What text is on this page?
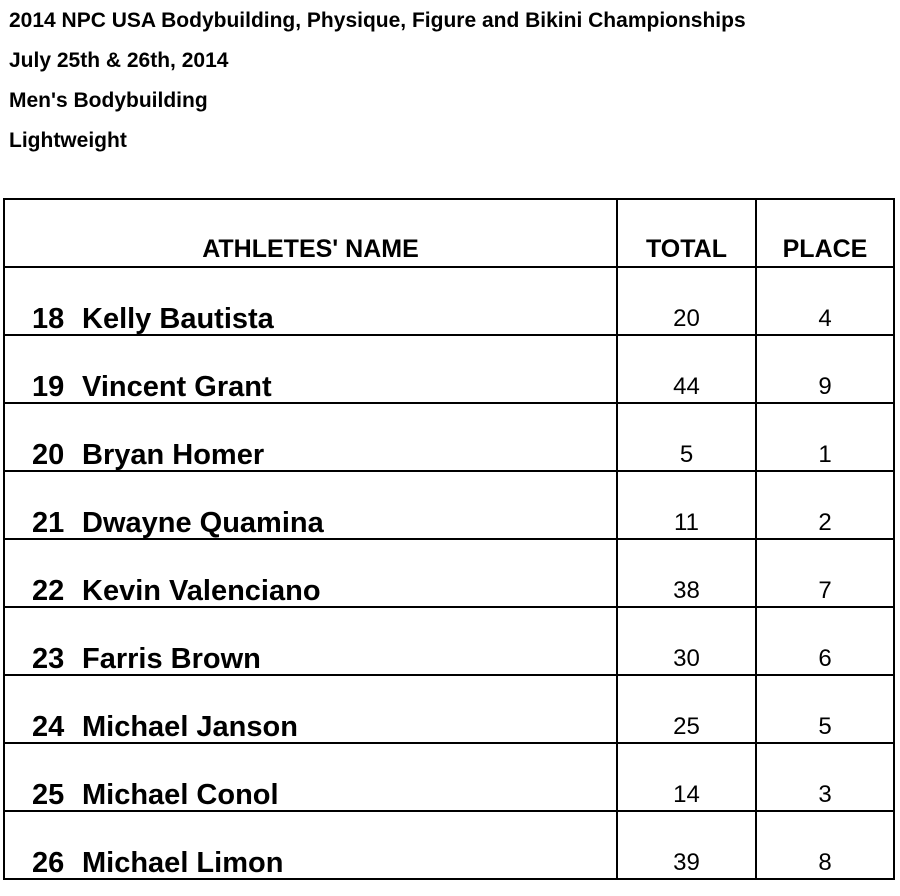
2014 NPC USA Bodybuilding, Physique, Figure and Bikini Championships
July 25th & 26th, 2014
Men's Bodybuilding
Lightweight
ATHLETES' NAME	TOTAL	PLACE

18 Kelly Bautista	20	4
19 Vincent Grant	44	9
20 Bryan Homer	5	1
21 Dwayne Quamina	11	2
22 Kevin Valenciano	38	7
23 Farris Brown	30	6
24 Michael Janson	25	5
25 Michael Conol	14	3
26 Michael Limon	39	8
